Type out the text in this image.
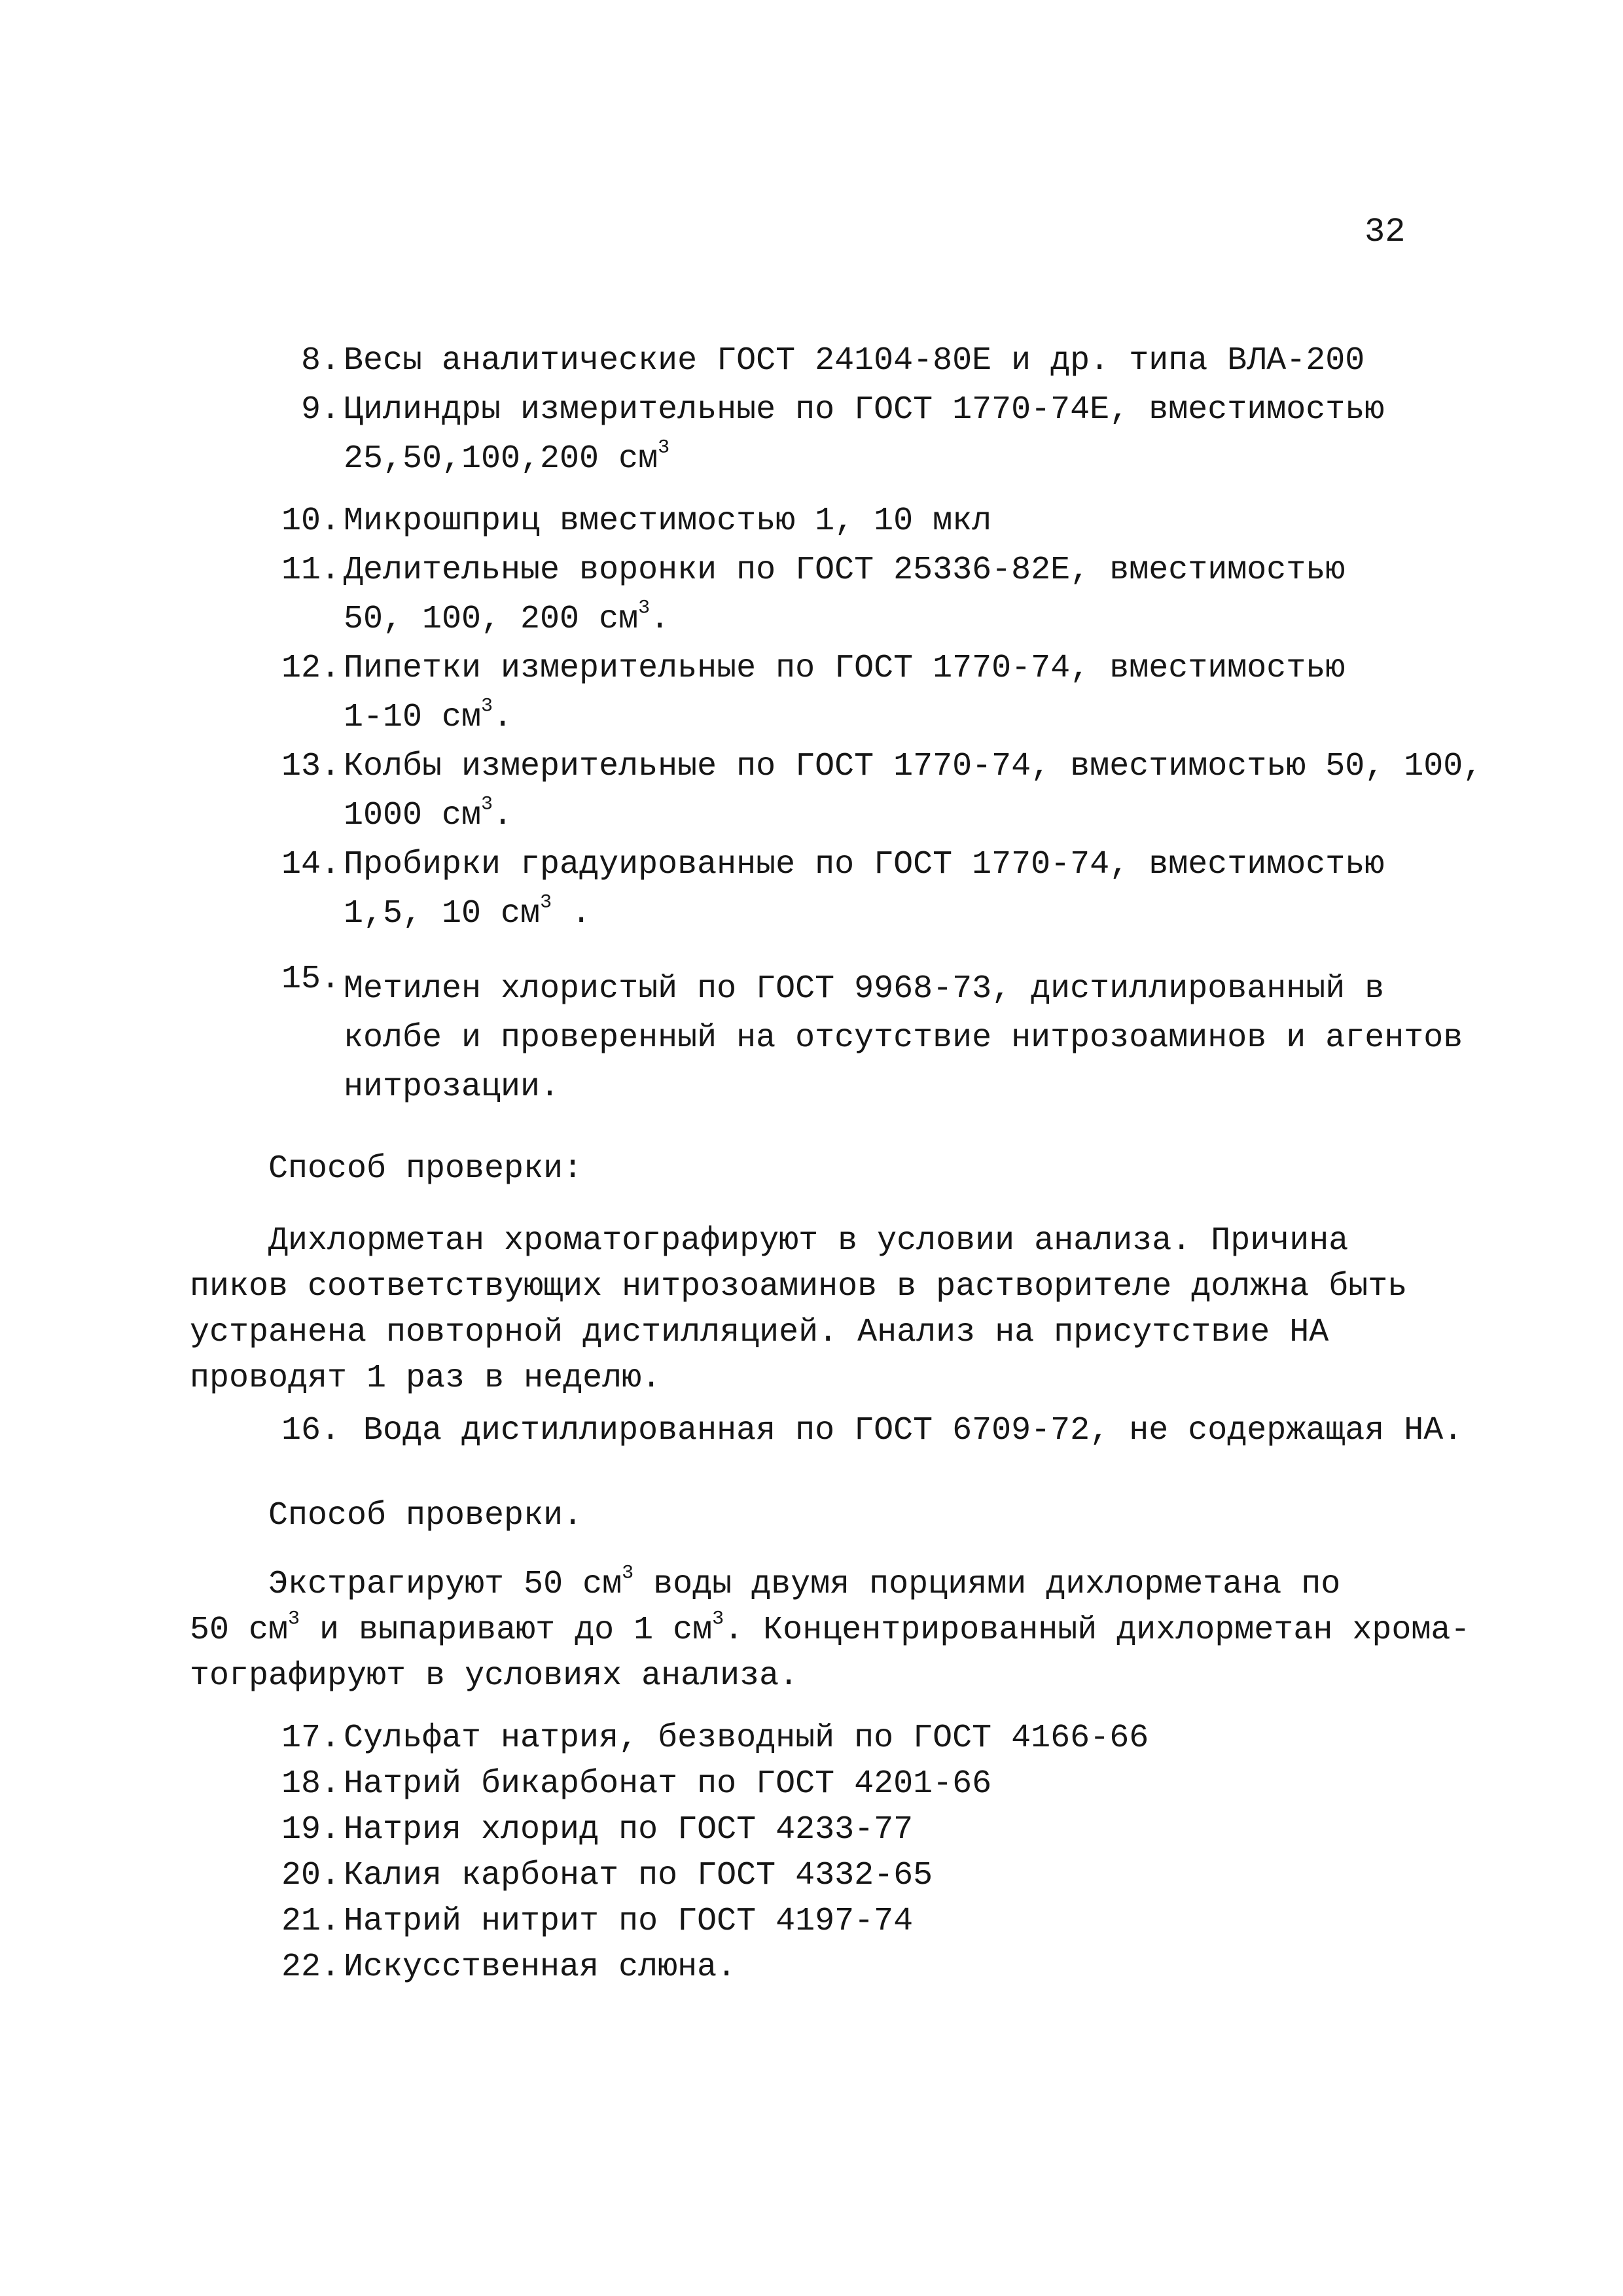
32
8. Весы аналитические ГОСТ 24104-80Е и др. типа ВЛА-200
9. Цилиндры измерительные по ГОСТ 1770-74Е, вместимостью
25,50,100,200 $см^3$
10. Микрошприц вместимостью 1, 10 мкл
11. Делительные воронки по ГОСТ 25336-82Е, вместимостью
50, 100, 200 $см^3$.
12. Пипетки измерительные по ГОСТ 1770-74, вместимостью
1-10 $см^3$.
13. Колбы измерительные по ГОСТ 1770-74, вместимостью 50, 100,
1000 $см^3$.
14. Пробирки градуированные по ГОСТ 1770-74, вместимостью
1,5, 10 $см^3$ .
15. Метилен хлористый по ГОСТ 9968-73, дистиллированный в
колбе и проверенный на отсутствие нитрозоаминов и агентов
нитрозации.
Способ проверки:
Дихлорметан хроматографируют в условии анализа. Причина
пиков соответствующих нитрозоаминов в растворителе должна быть
устранена повторной дистилляцией. Анализ на присутствие НА
проводят 1 раз в неделю.
16. Вода дистиллированная по ГОСТ 6709-72, не содержащая НА.
Способ проверки.
Экстрагируют 50 $см^3$ воды двумя порциями дихлорметана по
50 $см^3$ и выпаривают до 1 $см^3$. Концентрированный дихлорметан хрома-
тографируют в условиях анализа.
17. Сульфат натрия, безводный по ГОСТ 4166-66
18. Натрий бикарбонат по ГОСТ 4201-66
19. Натрия хлорид по ГОСТ 4233-77
20. Калия карбонат по ГОСТ 4332-65
21. Натрий нитрит по ГОСТ 4197-74
22. Искусственная слюна.
